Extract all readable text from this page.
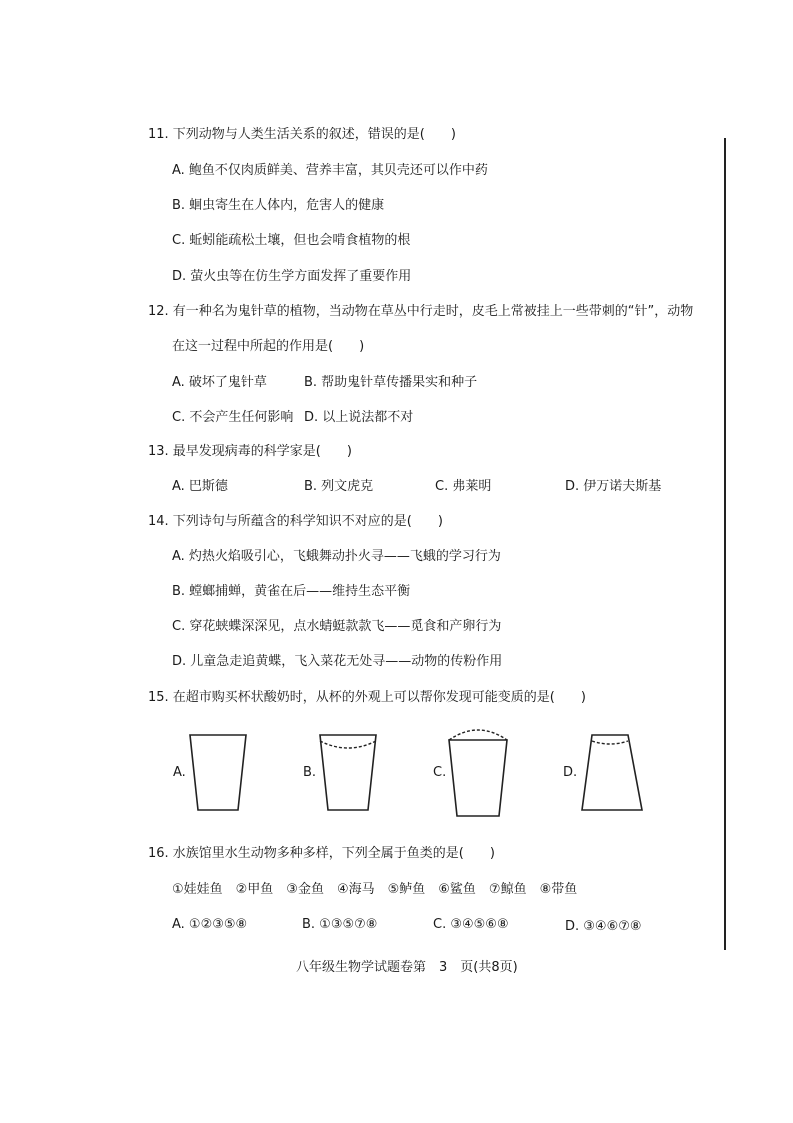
11. 下列动物与人类生活关系的叙述，错误的是(　　)
A. 鲍鱼不仅肉质鲜美、营养丰富，其贝壳还可以作中药
B. 蛔虫寄生在人体内，危害人的健康
C. 蚯蚓能疏松土壤，但也会啃食植物的根
D. 萤火虫等在仿生学方面发挥了重要作用
12. 有一种名为鬼针草的植物，当动物在草丛中行走时，皮毛上常被挂上一些带刺的“针”，动物
在这一过程中所起的作用是(　　)
A. 破坏了鬼针草	B. 帮助鬼针草传播果实和种子
C. 不会产生任何影响 D. 以上说法都不对
13. 最早发现病毒的科学家是(　　)
A. 巴斯德	B. 列文虎克	C. 弗莱明	D. 伊万诺夫斯基
14. 下列诗句与所蕴含的科学知识不对应的是(　　)
A. 灼热火焰吸引心，飞蛾舞动扑火寻——飞蛾的学习行为
B. 螳螂捕蝉，黄雀在后——维持生态平衡
C. 穿花蛱蝶深深见，点水蜻蜓款款飞——觅食和产卵行为
D. 儿童急走追黄蝶，飞入菜花无处寻——动物的传粉作用
15. 在超市购买杯状酸奶时，从杯的外观上可以帮你发现可能变质的是(　　)
A.	B.	C.	D.
16. 水族馆里水生动物多种多样，下列全属于鱼类的是(　　)
①娃娃鱼　②甲鱼　③金鱼　④海马　⑤鲈鱼　⑥鲨鱼　⑦鲸鱼　⑧带鱼
A. ①②③⑤⑧	B. ①③⑤⑦⑧	C. ③④⑤⑥⑧	D. ③④⑥⑦⑧
八年级生物学试题卷第　3　页(共8页)
